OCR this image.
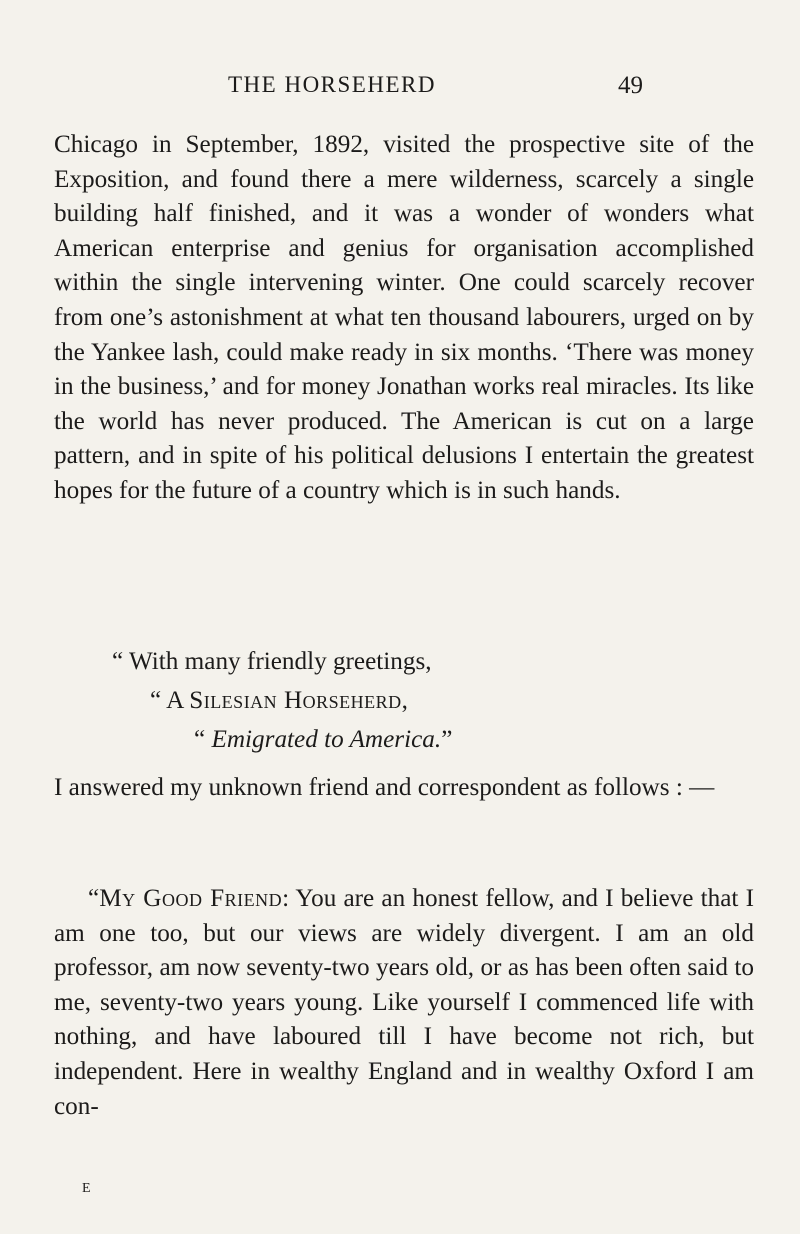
THE HORSEHERD	49

Chicago in September, 1892, visited the prospective site of the Exposition, and found there a mere wilderness, scarcely a single building half finished, and it was a wonder of wonders what American enterprise and genius for organisation accomplished within the single intervening winter. One could scarcely recover from one’s astonishment at what ten thousand labourers, urged on by the Yankee lash, could make ready in six months. ‘There was money in the business,’ and for money Jonathan works real miracles. Its like the world has never produced. The American is cut on a large pattern, and in spite of his political delusions I entertain the greatest hopes for the future of a country which is in such hands.

“ With many friendly greetings,
“ A Silesian Horseherd,
“ Emigrated to America.”

I answered my unknown friend and correspondent as follows : —

“My Good Friend: You are an honest fellow, and I believe that I am one too, but our views are widely divergent. I am an old professor, am now seventy-two years old, or as has been often said to me, seventy-two years young. Like yourself I commenced life with nothing, and have laboured till I have become not rich, but independent. Here in wealthy England and in wealthy Oxford I am con-

E
